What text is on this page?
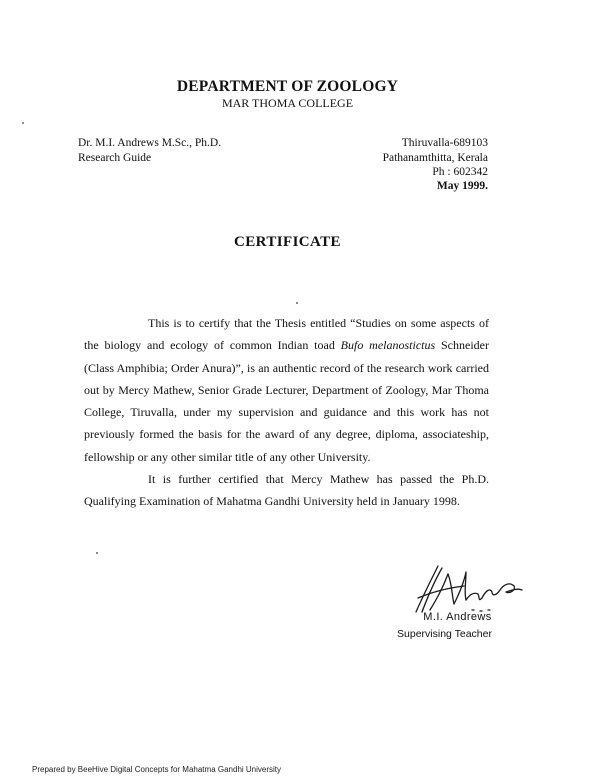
DEPARTMENT OF ZOOLOGY
MAR THOMA COLLEGE
Dr. M.I. Andrews M.Sc., Ph.D.
Research Guide
Thiruvalla-689103
Pathanamthitta, Kerala
Ph : 602342
May 1999.
CERTIFICATE

This is to certify that the Thesis entitled “Studies on some aspects of the biology and ecology of common Indian toad Bufo melanostictus Schneider (Class Amphibia; Order Anura)”, is an authentic record of the research work carried out by Mercy Mathew, Senior Grade Lecturer, Department of Zoology, Mar Thoma College, Tiruvalla, under my supervision and guidance and this work has not previously formed the basis for the award of any degree, diploma, associateship, fellowship or any other similar title of any other University.

It is further certified that Mercy Mathew has passed the Ph.D. Qualifying Examination of Mahatma Gandhi University held in January 1998.

M.I. Andrews
Supervising Teacher
Prepared by BeeHive Digital Concepts for Mahatma Gandhi University
